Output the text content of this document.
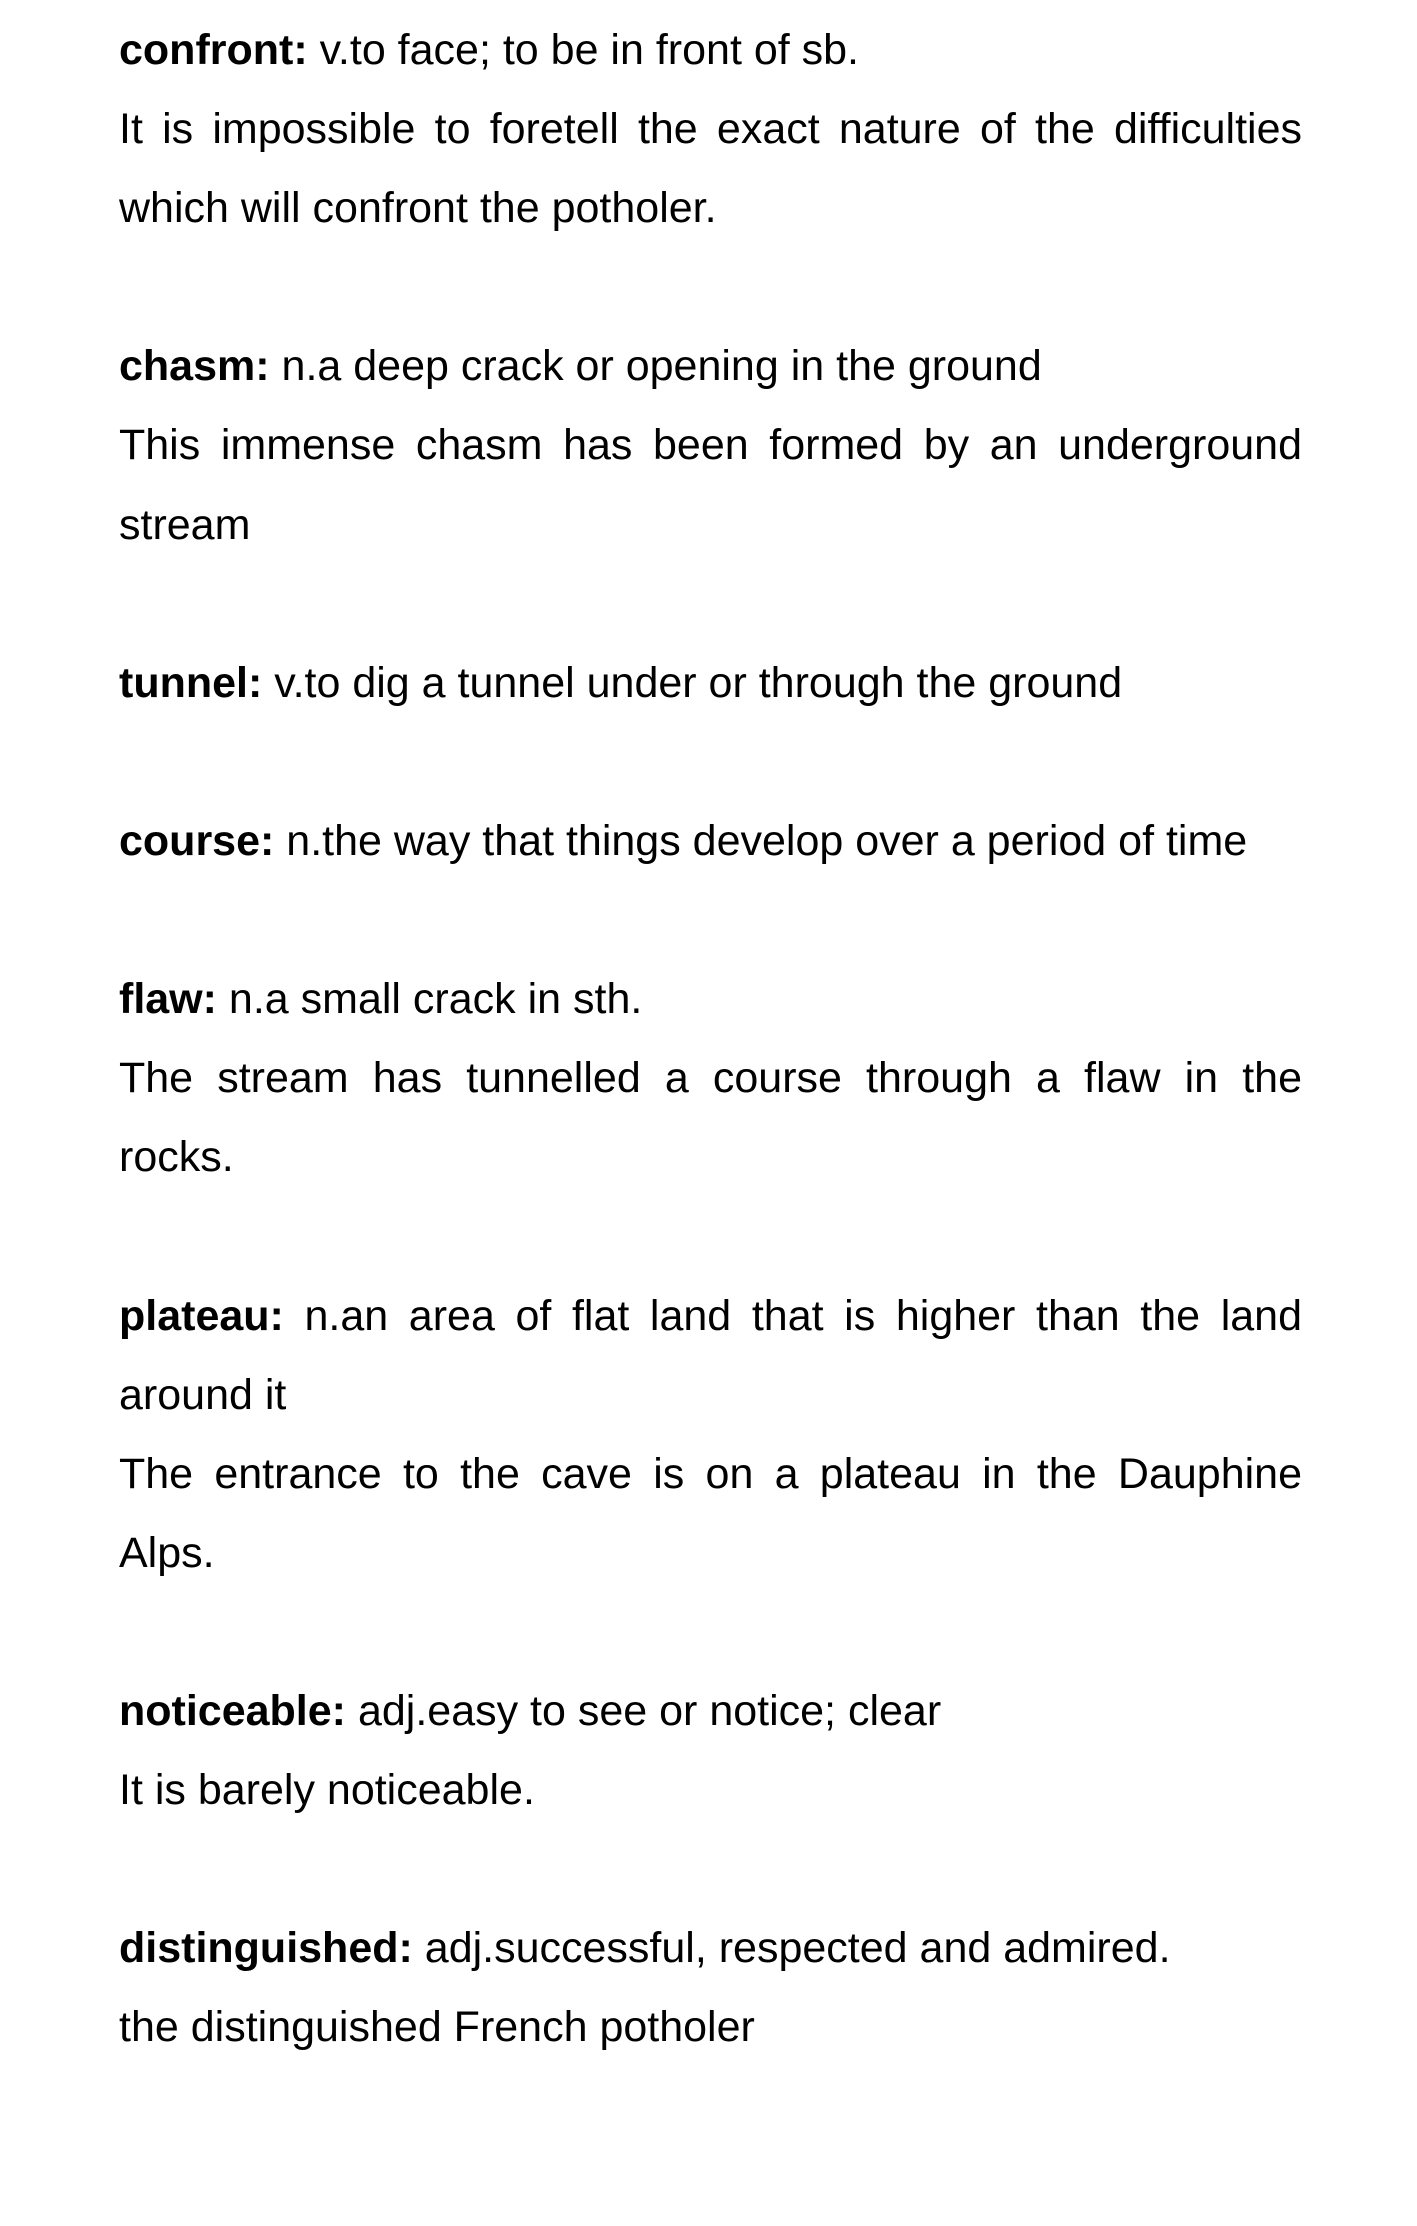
confront: v.to face; to be in front of sb.

It is impossible to foretell the exact nature of the difficulties which will confront the potholer.

chasm: n.a deep crack or opening in the ground

This immense chasm has been formed by an underground stream

tunnel: v.to dig a tunnel under or through the ground

course: n.the way that things develop over a period of time

flaw: n.a small crack in sth.

The stream has tunnelled a course through a flaw in the rocks.

plateau: n.an area of flat land that is higher than the land around it

The entrance to the cave is on a plateau in the Dauphine Alps.

noticeable: adj.easy to see or notice; clear

It is barely noticeable.

distinguished: adj.successful, respected and admired.

the distinguished French potholer
